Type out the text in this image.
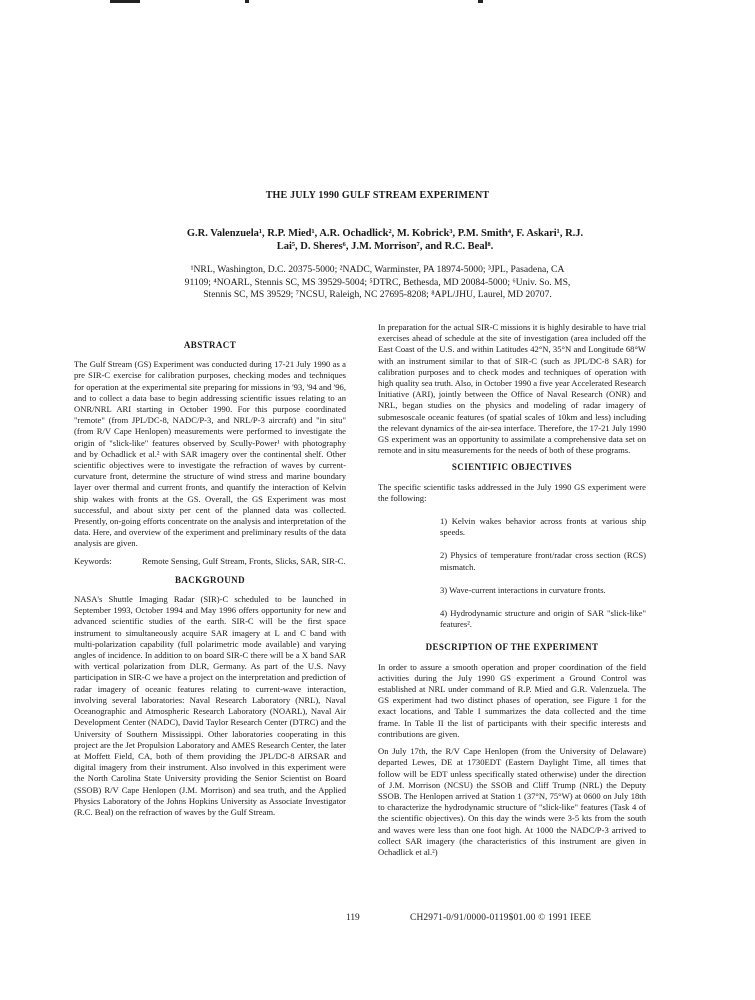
THE JULY 1990 GULF STREAM EXPERIMENT
G.R. Valenzuela¹, R.P. Mied¹, A.R. Ochadlick², M. Kobrick³, P.M. Smith⁴, F. Askari¹, R.J.
Lai⁵, D. Sheres⁶, J.M. Morrison⁷, and R.C. Beal⁸.
¹NRL, Washington, D.C. 20375-5000; ²NADC, Warminster, PA 18974-5000; ³JPL, Pasadena, CA
91109; ⁴NOARL, Stennis SC, MS 39529-5004; ⁵DTRC, Bethesda, MD 20084-5000; ⁶Univ. So. MS,
Stennis SC, MS 39529; ⁷NCSU, Raleigh, NC 27695-8208; ⁸APL/JHU, Laurel, MD 20707.
ABSTRACT

The Gulf Stream (GS) Experiment was conducted during 17-21 July 1990 as a pre SIR-C exercise for calibration purposes, checking modes and techniques for operation at the experimental site preparing for missions in '93, '94 and '96, and to collect a data base to begin addressing scientific issues relating to an ONR/NRL ARI starting in October 1990. For this purpose coordinated "remote" (from JPL/DC-8, NADC/P-3, and NRL/P-3 aircraft) and "in situ" (from R/V Cape Henlopen) measurements were performed to investigate the origin of "slick-like" features observed by Scully-Power¹ with photography and by Ochadlick et al.² with SAR imagery over the continental shelf. Other scientific objectives were to investigate the refraction of waves by current-curvature front, determine the structure of wind stress and marine boundary layer over thermal and current fronts, and quantify the interaction of Kelvin ship wakes with fronts at the GS. Overall, the GS Experiment was most successful, and about sixty per cent of the planned data was collected. Presently, on-going efforts concentrate on the analysis and interpretation of the data. Here, and overview of the experiment and preliminary results of the data analysis are given.

Keywords:	Remote Sensing, Gulf Stream, Fronts, Slicks, SAR, SIR-C.
BACKGROUND

NASA's Shuttle Imaging Radar (SIR)-C scheduled to be launched in September 1993, October 1994 and May 1996 offers opportunity for new and advanced scientific studies of the earth. SIR-C will be the first space instrument to simultaneously acquire SAR imagery at L and C band with multi-polarization capability (full polarimetric mode available) and varying angles of incidence. In addition to on board SIR-C there will be a X band SAR with vertical polarization from DLR, Germany. As part of the U.S. Navy participation in SIR-C we have a project on the interpretation and prediction of radar imagery of oceanic features relating to current-wave interaction, involving several laboratories: Naval Research Laboratory (NRL), Naval Oceanographic and Atmospheric Research Laboratory (NOARL), Naval Air Development Center (NADC), David Taylor Research Center (DTRC) and the University of Southern Mississippi. Other laboratories cooperating in this project are the Jet Propulsion Laboratory and AMES Research Center, the later at Moffett Field, CA, both of them providing the JPL/DC-8 AIRSAR and digital imagery from their instrument. Also involved in this experiment were the North Carolina State University providing the Senior Scientist on Board (SSOB) R/V Cape Henlopen (J.M. Morrison) and sea truth, and the Applied Physics Laboratory of the Johns Hopkins University as Associate Investigator (R.C. Beal) on the refraction of waves by the Gulf Stream.

In preparation for the actual SIR-C missions it is highly desirable to have trial exercises ahead of schedule at the site of investigation (area included off the East Coast of the U.S. and within Latitudes 42°N, 35°N and Longitude 68°W with an instrument similar to that of SIR-C (such as JPL/DC-8 SAR) for calibration purposes and to check modes and techniques of operation with high quality sea truth. Also, in October 1990 a five year Accelerated Research Initiative (ARI), jointly between the Office of Naval Research (ONR) and NRL, began studies on the physics and modeling of radar imagery of submesoscale oceanic features (of spatial scales of 10km and less) including the relevant dynamics of the air-sea interface. Therefore, the 17-21 July 1990 GS experiment was an opportunity to assimilate a comprehensive data set on remote and in situ measurements for the needs of both of these programs.

SCIENTIFIC OBJECTIVES

The specific scientific tasks addressed in the July 1990 GS experiment were the following:

1) Kelvin wakes behavior across fronts at various ship speeds.
2) Physics of temperature front/radar cross section (RCS) mismatch.
3) Wave-current interactions in curvature fronts.
4) Hydrodynamic structure and origin of SAR "slick-like" features².
DESCRIPTION OF THE EXPERIMENT

In order to assure a smooth operation and proper coordination of the field activities during the July 1990 GS experiment a Ground Control was established at NRL under command of R.P. Mied and G.R. Valenzuela. The GS experiment had two distinct phases of operation, see Figure 1 for the exact locations, and Table I summarizes the data collected and the time frame. In Table II the list of participants with their specific interests and contributions are given.

On July 17th, the R/V Cape Henlopen (from the University of Delaware) departed Lewes, DE at 1730EDT (Eastern Daylight Time, all times that follow will be EDT unless specifically stated otherwise) under the direction of J.M. Morrison (NCSU) the SSOB and Cliff Trump (NRL) the Deputy SSOB. The Henlopen arrived at Station 1 (37°N, 75°W) at 0600 on July 18th to characterize the hydrodynamic structure of "slick-like" features (Task 4 of the scientific objectives). On this day the winds were 3-5 kts from the south and waves were less than one foot high. At 1000 the NADC/P-3 arrived to collect SAR imagery (the characteristics of this instrument are given in Ochadlick et al.²)

119	CH2971-0/91/0000-0119$01.00 © 1991 IEEE
